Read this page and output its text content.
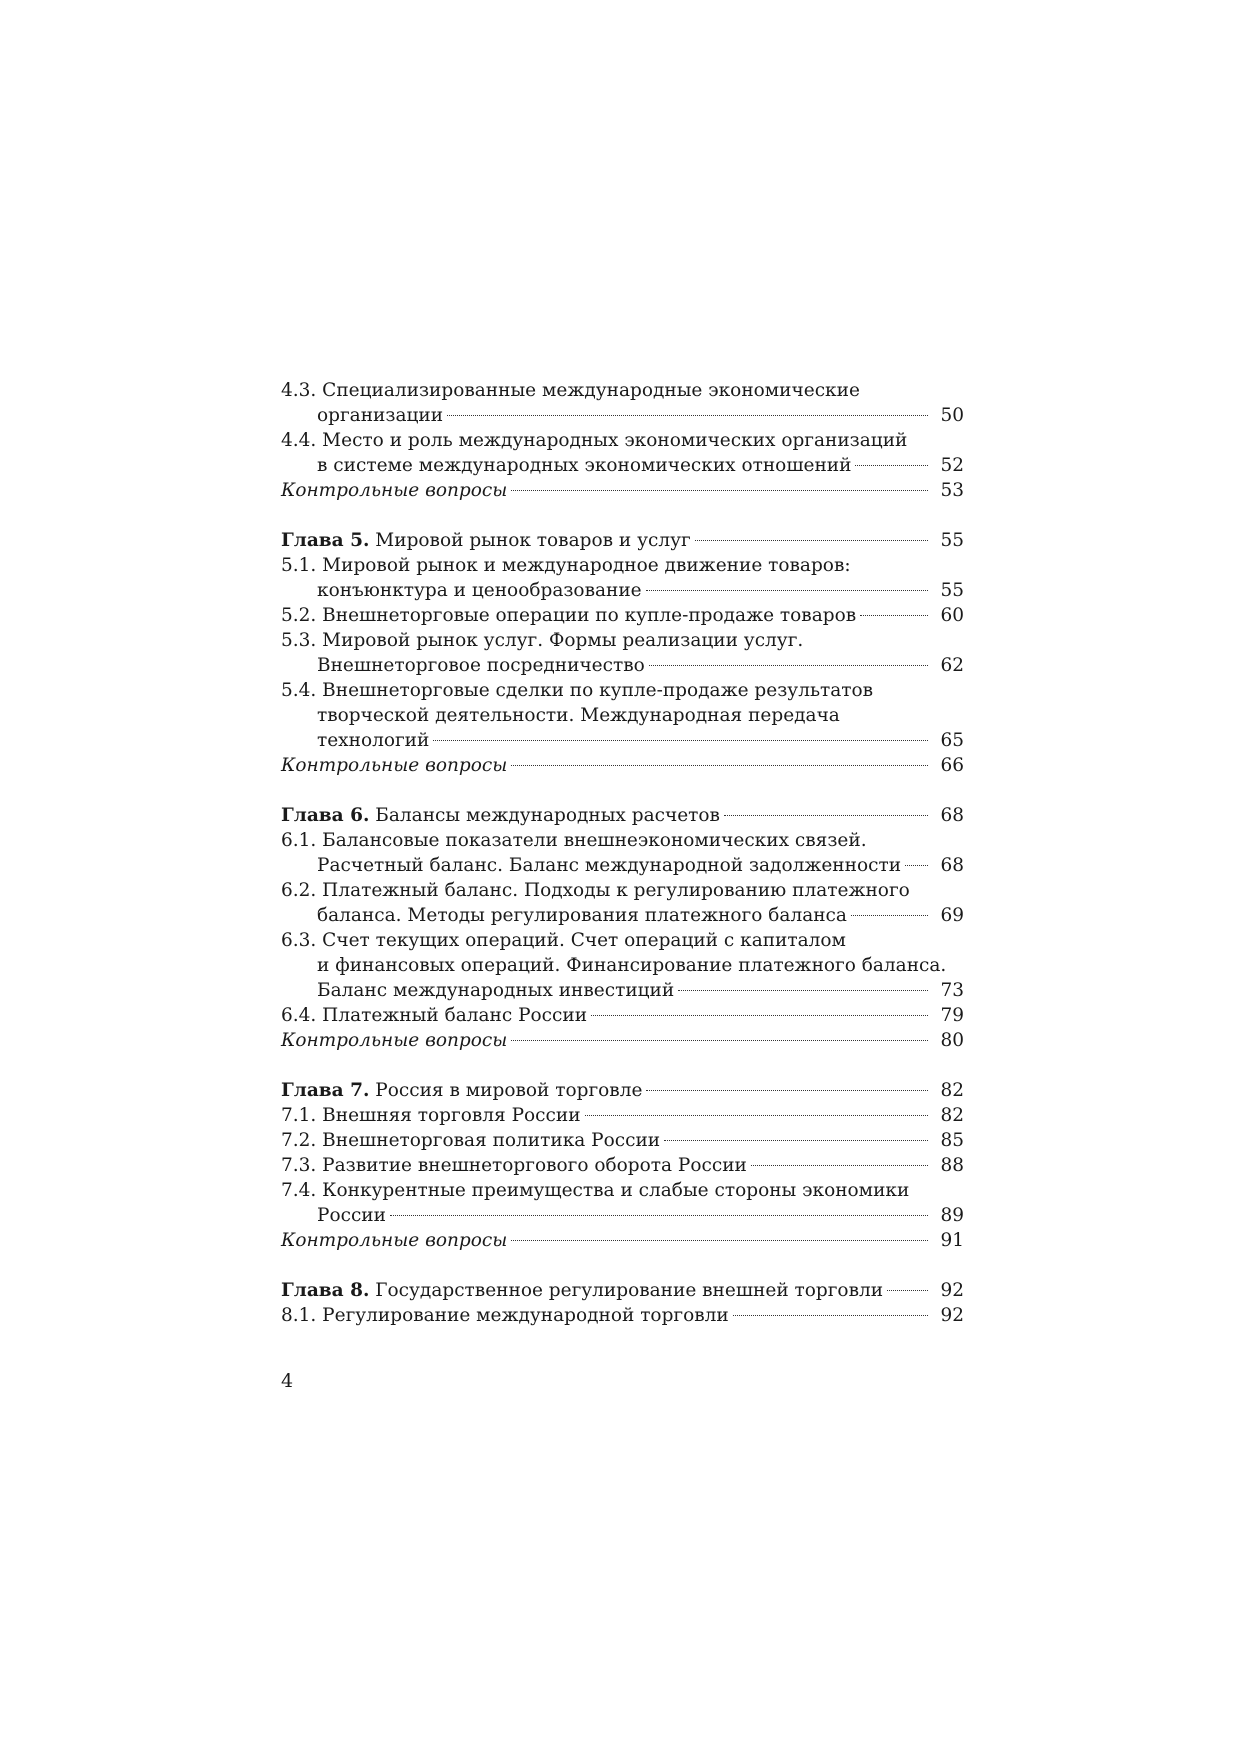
4.3. Специализированные международные экономические
организации	50
4.4. Место и роль международных экономических организаций
в системе международных экономических отношений	52
Контрольные вопросы	53
Глава 5. Мировой рынок товаров и услуг	55
5.1. Мировой рынок и международное движение товаров:
конъюнктура и ценообразование	55
5.2. Внешнеторговые операции по купле-продаже товаров	60
5.3. Мировой рынок услуг. Формы реализации услуг.
Внешнеторговое посредничество	62
5.4. Внешнеторговые сделки по купле-продаже результатов
творческой деятельности. Международная передача
технологий	65
Контрольные вопросы	66
Глава 6. Балансы международных расчетов	68
6.1. Балансовые показатели внешнеэкономических связей.
Расчетный баланс. Баланс международной задолженности 68
6.2. Платежный баланс. Подходы к регулированию платежного
баланса. Методы регулирования платежного баланса	69
6.3. Счет текущих операций. Счет операций с капиталом
и финансовых операций. Финансирование платежного баланса.
Баланс международных инвестиций	73
6.4. Платежный баланс России	79
Контрольные вопросы	80
Глава 7. Россия в мировой торговле	82
7.1. Внешняя торговля России	82
7.2. Внешнеторговая политика России	85
7.3. Развитие внешнеторгового оборота России	88
7.4. Конкурентные преимущества и слабые стороны экономики
России	89
Контрольные вопросы	91
Глава 8. Государственное регулирование внешней торговли	92
8.1. Регулирование международной торговли	92
4
